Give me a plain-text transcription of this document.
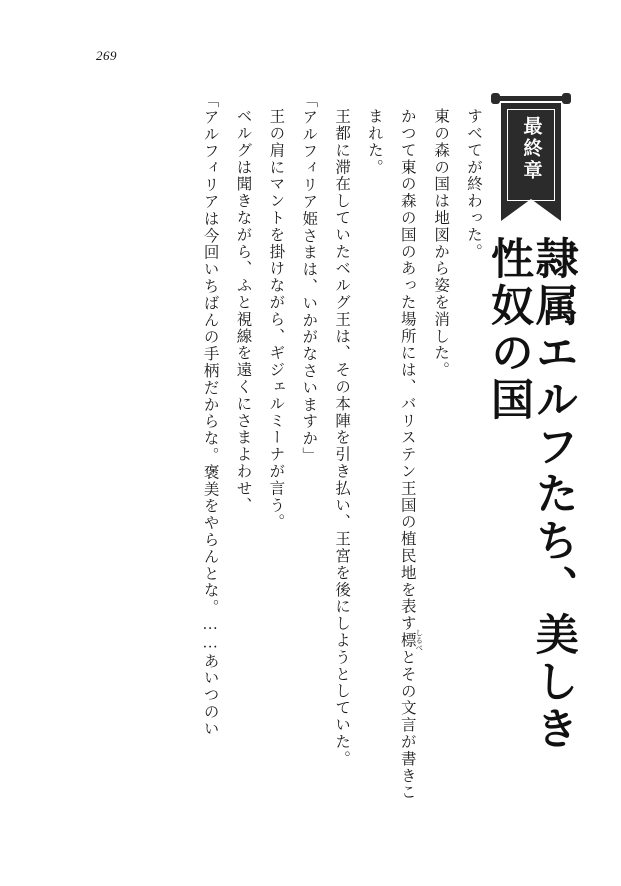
269
最終章
隷属エルフたち、美しき性奴の国

すべてが終わった。

東の森の国は地図から姿を消した。

かつて東の森の国のあった場所には、バリステン王国の植民地を表す標 しるべとその文言が書きこまれた。

王都に滞在していたベルグ王は、その本陣を引き払い、王宮を後にしようとしていた。

「アルフィリア姫さまは、いかがなさいますか」

王の肩にマントを掛けながら、ギジェルミーナが言う。

ベルグは聞きながら、ふと視線を遠くにさまよわせ、

「アルフィリアは今回いちばんの手柄だからな。褒美をやらんとな。……あいつのい
